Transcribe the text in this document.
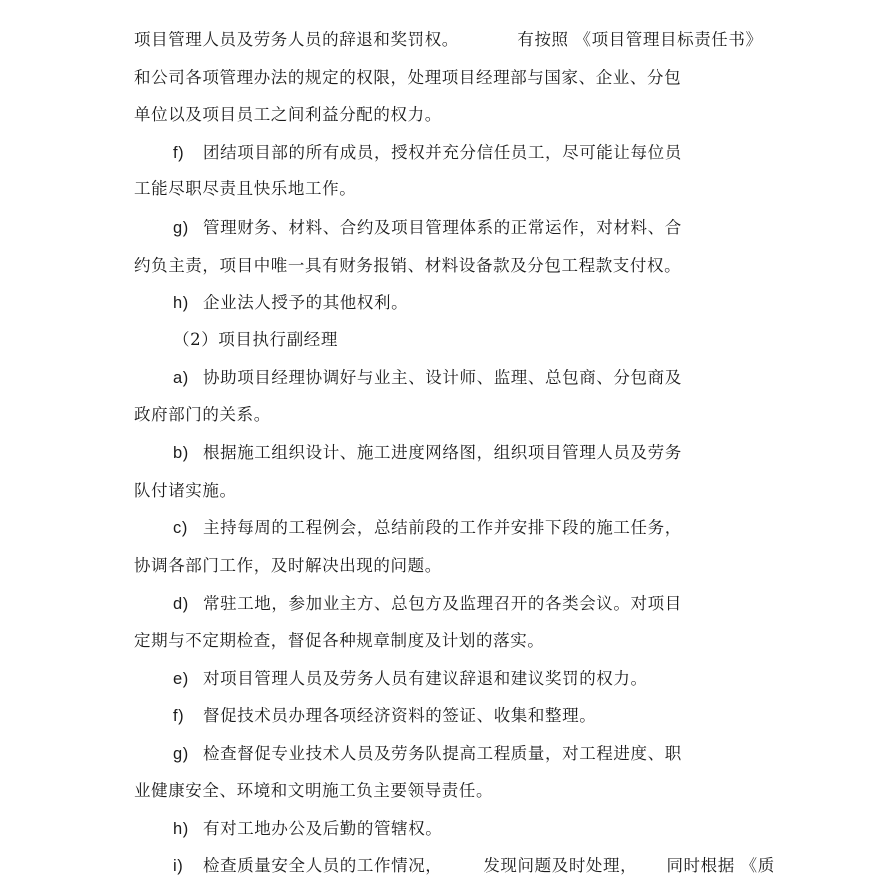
项目管理人员及劳务人员的辞退和奖罚权。          有按照 《项目管理目标责任书》
和公司各项管理办法的规定的权限，处理项目经理部与国家、企业、分包
单位以及项目员工之间利益分配的权力。
f) 团结项目部的所有成员，授权并充分信任员工，尽可能让每位员
工能尽职尽责且快乐地工作。
g) 管理财务、材料、合约及项目管理体系的正常运作，对材料、合
约负主责，项目中唯一具有财务报销、材料设备款及分包工程款支付权。
h) 企业法人授予的其他权利。
（2）项目执行副经理
a) 协助项目经理协调好与业主、设计师、监理、总包商、分包商及
政府部门的关系。
b) 根据施工组织设计、施工进度网络图，组织项目管理人员及劳务
队付诸实施。
c) 主持每周的工程例会，总结前段的工作并安排下段的施工任务，
协调各部门工作，及时解决出现的问题。
d) 常驻工地，参加业主方、总包方及监理召开的各类会议。对项目
定期与不定期检查，督促各种规章制度及计划的落实。
e) 对项目管理人员及劳务人员有建议辞退和建议奖罚的权力。
f) 督促技术员办理各项经济资料的签证、收集和整理。
g) 检查督促专业技术人员及劳务队提高工程质量，对工程进度、职
业健康安全、环境和文明施工负主要领导责任。
h) 有对工地办公及后勤的管辖权。
i) 检查质量安全人员的工作情况，       发现问题及时处理，     同时根据 《质
